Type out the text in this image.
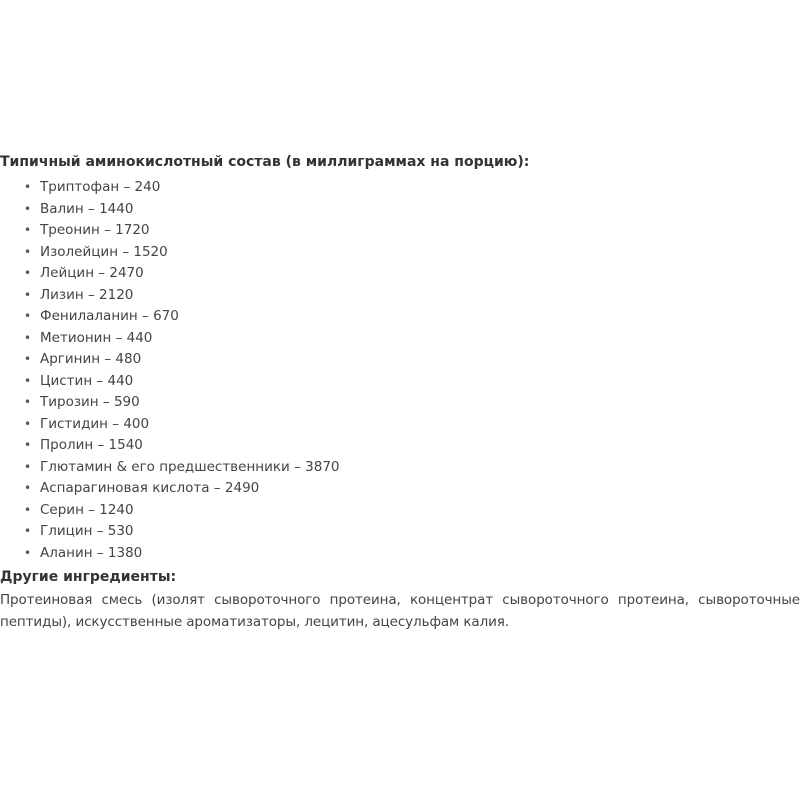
Типичный аминокислотный состав (в миллиграммах на порцию):

• Триптофан – 240
• Валин – 1440
• Треонин – 1720
• Изолейцин – 1520
• Лейцин – 2470
• Лизин – 2120
• Фенилаланин – 670
• Метионин – 440
• Аргинин – 480
• Цистин – 440
• Тирозин – 590
• Гистидин – 400
• Пролин – 1540
• Глютамин & его предшественники – 3870
• Аспарагиновая кислота – 2490
• Серин – 1240
• Глицин – 530
• Аланин – 1380

Другие ингредиенты:

Протеиновая смесь (изолят сывороточного протеина, концентрат сывороточного протеина, сывороточные пептиды), искусственные ароматизаторы, лецитин, ацесульфам калия.
